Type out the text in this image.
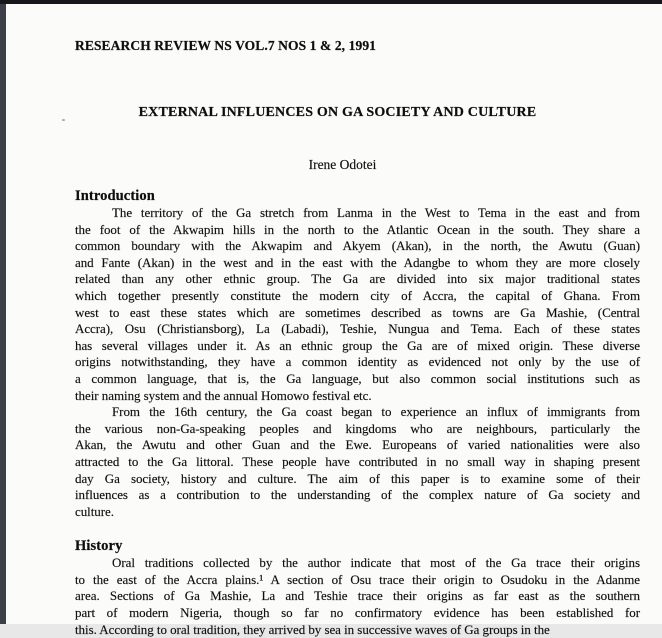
RESEARCH REVIEW NS VOL.7 NOS 1 & 2, 1991
EXTERNAL INFLUENCES ON GA SOCIETY AND CULTURE
Irene Odotei
Introduction
The territory of the Ga stretch from Lanma in the West to Tema in the east and from
the foot of the Akwapim hills in the north to the Atlantic Ocean in the south. They share a
common boundary with the Akwapim and Akyem (Akan), in the north, the Awutu (Guan)
and Fante (Akan) in the west and in the east with the Adangbe to whom they are more closely
related than any other ethnic group. The Ga are divided into six major traditional states
which together presently constitute the modern city of Accra, the capital of Ghana. From
west to east these states which are sometimes described as towns are Ga Mashie, (Central
Accra), Osu (Christiansborg), La (Labadi), Teshie, Nungua and Tema. Each of these states
has several villages under it. As an ethnic group the Ga are of mixed origin. These diverse
origins notwithstanding, they have a common identity as evidenced not only by the use of
a common language, that is, the Ga language, but also common social institutions such as
their naming system and the annual Homowo festival etc.
From the 16th century, the Ga coast began to experience an influx of immigrants from
the various non-Ga-speaking peoples and kingdoms who are neighbours, particularly the
Akan, the Awutu and other Guan and the Ewe. Europeans of varied nationalities were also
attracted to the Ga littoral. These people have contributed in no small way in shaping present
day Ga society, history and culture. The aim of this paper is to examine some of their
influences as a contribution to the understanding of the complex nature of Ga society and
culture.
History
Oral traditions collected by the author indicate that most of the Ga trace their origins
to the east of the Accra plains.¹ A section of Osu trace their origin to Osudoku in the Adanme
area. Sections of Ga Mashie, La and Teshie trace their origins as far east as the southern
part of modern Nigeria, though so far no confirmatory evidence has been established for
this. According to oral tradition, they arrived by sea in successive waves of Ga groups in the
